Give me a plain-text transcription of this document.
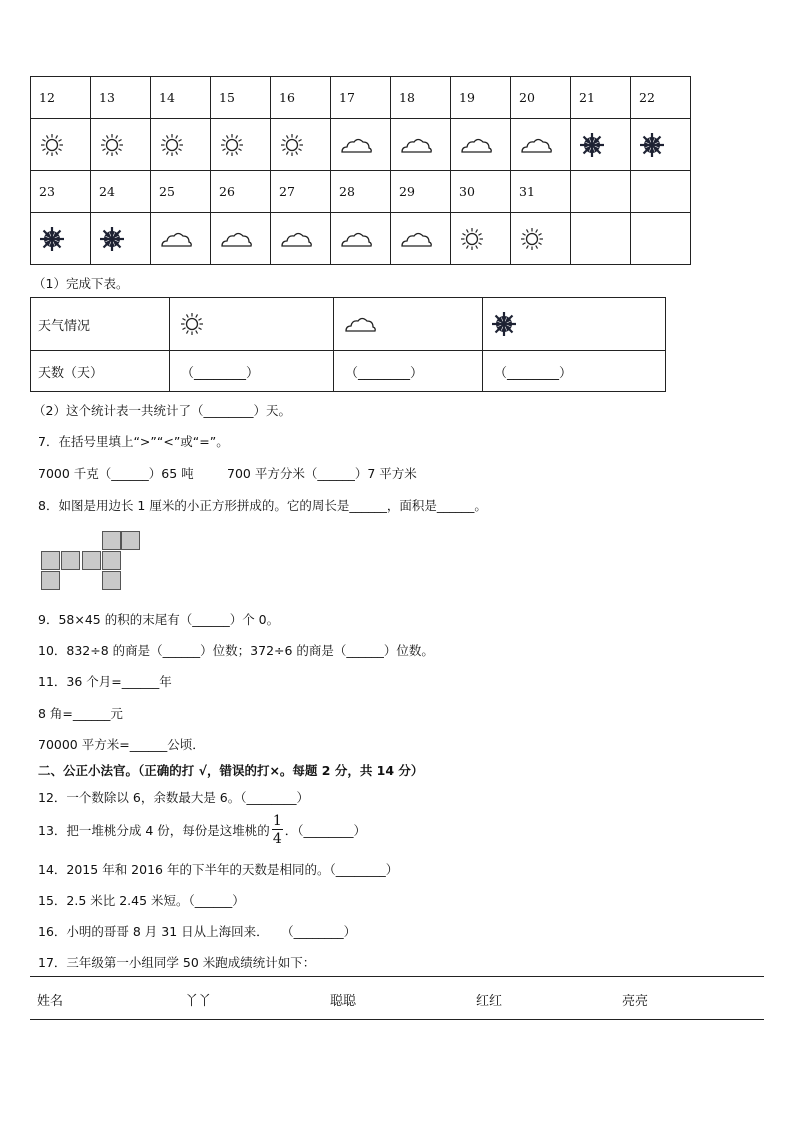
12	13	14	15	16	17	18	19	20	21	22

23	24	25	26	27	28	29	30	31		

（1）完成下表。
天气情况	

天数（天）	（________）	（________）	（________）
（2）这个统计表一共统计了（________）天。
7．在括号里填上“>”“<”或“=”。
7000 千克（______）65 吨	700 平方分米（______）7 平方米
8．如图是用边长 1 厘米的小正方形拼成的。它的周长是______，面积是______。
9．58×45 的积的末尾有（______）个 0。
10．832÷8 的商是（______）位数；372÷6 的商是（______）位数。
11．36 个月=______年
8 角=______元
70000 平方米=______公顷．
二、公正小法官。（正确的打 √，错误的打×。每题 2 分，共 14 分）
12．一个数除以 6，余数最大是 6。（________）
13．把一堆桃分成 4 份，每份是这堆桃的 $\frac{1}{4}$ ．（________）
14．2015 年和 2016 年的下半年的天数是相同的。（________）
15．2.5 米比 2.45 米短。（______）
16．小明的哥哥 8 月 31 日从上海回来．　　（________）
17．三年级第一小组同学 50 米跑成绩统计如下：
姓名	丫丫	聪聪	红红	亮亮
